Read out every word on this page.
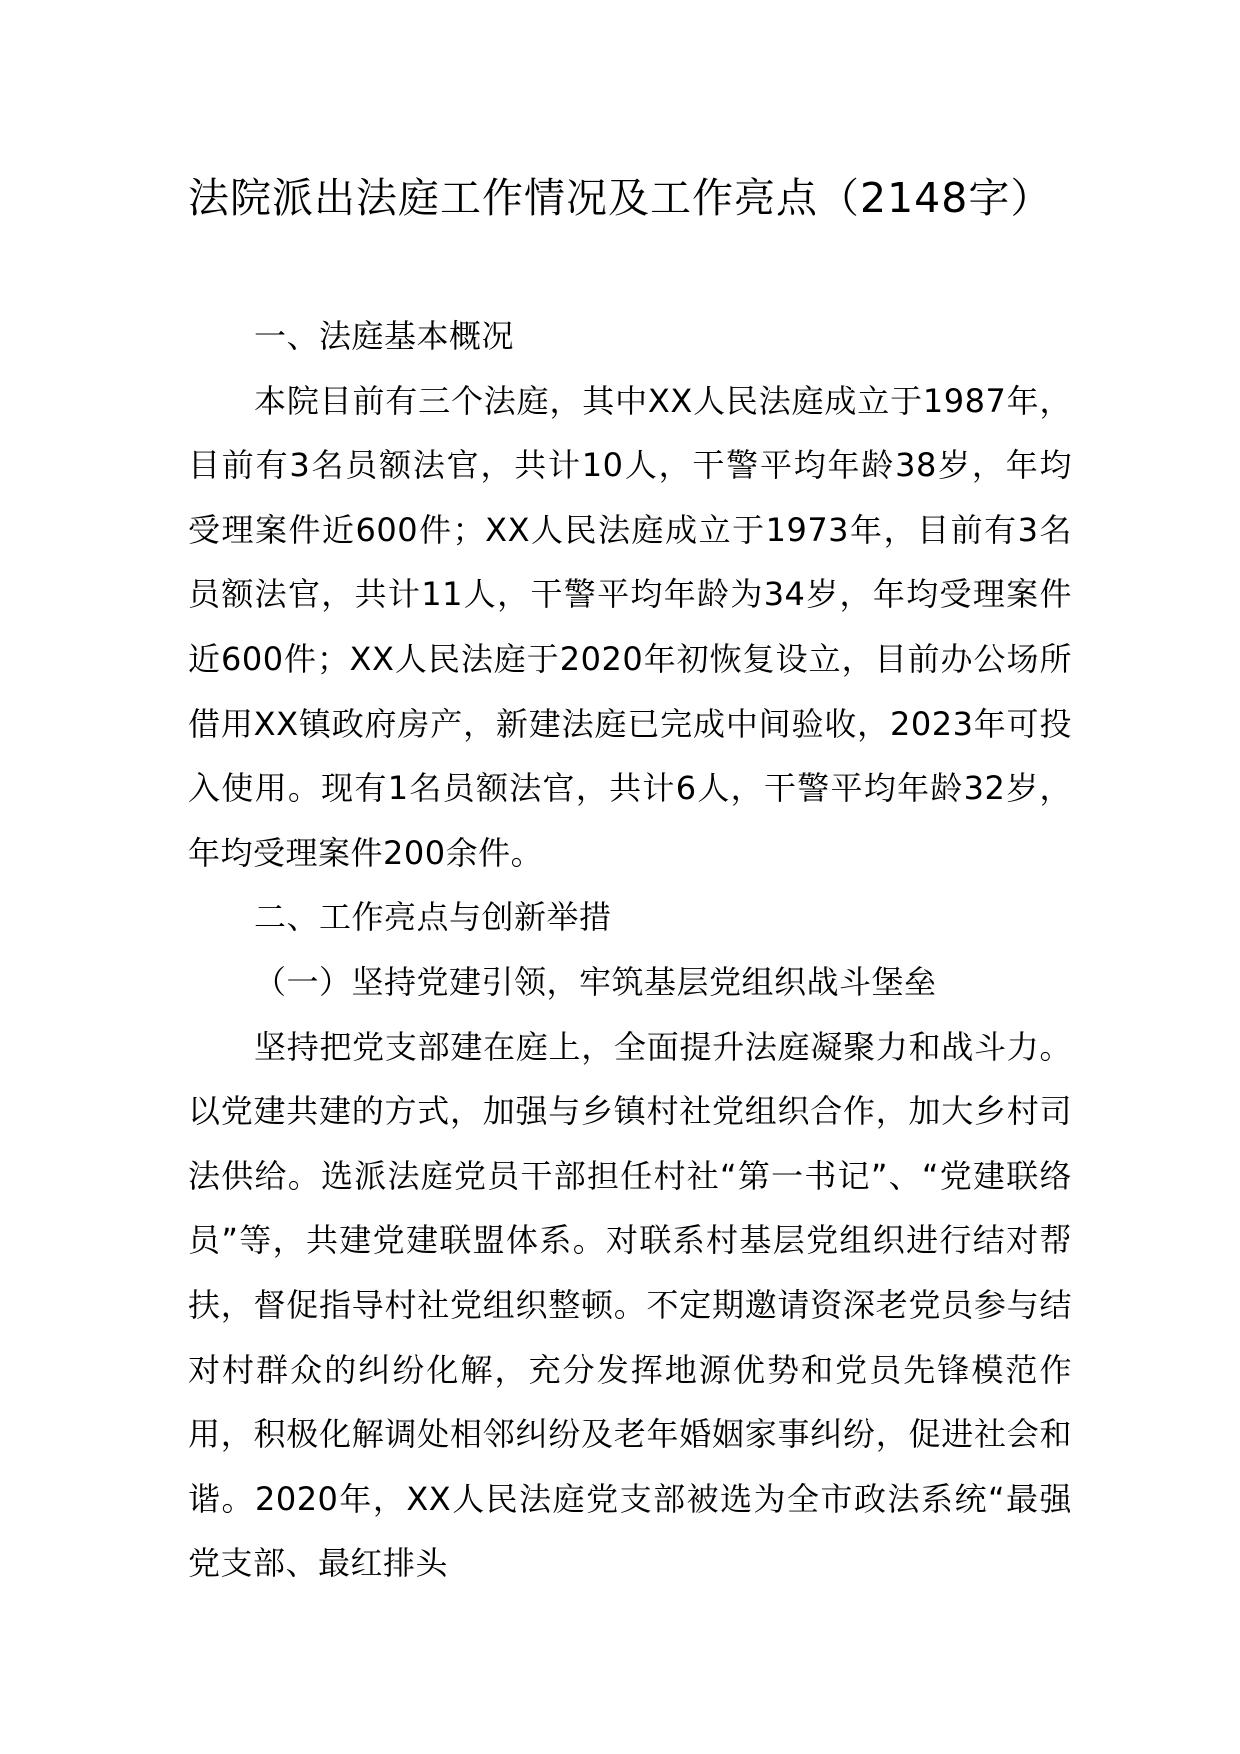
法院派出法庭工作情况及工作亮点（2148字）
一、法庭基本概况

本院目前有三个法庭，其中XX人民法庭成立于1987年，目前有3名员额法官，共计10人，干警平均年龄38岁，年均受理案件近600件；XX人民法庭成立于1973年，目前有3名员额法官，共计11人，干警平均年龄为34岁，年均受理案件近600件；XX人民法庭于2020年初恢复设立，目前办公场所借用XX镇政府房产，新建法庭已完成中间验收，2023年可投入使用。现有1名员额法官，共计6人，干警平均年龄32岁，年均受理案件200余件。

二、工作亮点与创新举措
（一）坚持党建引领，牢筑基层党组织战斗堡垒

坚持把党支部建在庭上，全面提升法庭凝聚力和战斗力。以党建共建的方式，加强与乡镇村社党组织合作，加大乡村司法供给。选派法庭党员干部担任村社“第一书记”、“党建联络员”等，共建党建联盟体系。对联系村基层党组织进行结对帮扶，督促指导村社党组织整顿。不定期邀请资深老党员参与结对村群众的纠纷化解，充分发挥地源优势和党员先锋模范作用，积极化解调处相邻纠纷及老年婚姻家事纠纷，促进社会和谐。2020年，XX人民法庭党支部被选为全市政法系统“最强党支部、最红排头
